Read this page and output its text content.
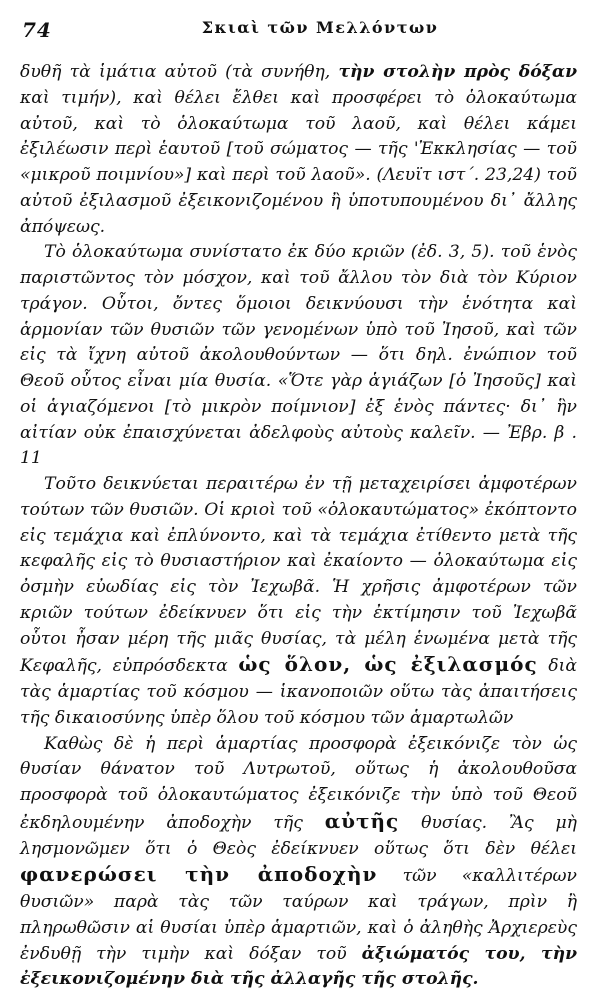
74	Σκιαὶ τῶν Μελλόντων

δυθῆ τὰ ἱμάτια αὐτοῦ (τὰ συνήθη, τὴν στολὴν πρὸς δόξαν καὶ τιμήν), καὶ θέλει ἔλθει καὶ προσφέρει τὸ ὁλοκαύτωμα αὐτοῦ, καὶ τὸ ὁλοκαύτωμα τοῦ λαοῦ, καὶ θέλει κάμει ἐξιλέωσιν περὶ ἑαυτοῦ [τοῦ σώματος — τῆς 'Ἐκκλησίας — τοῦ «μικροῦ ποιμνίου»] καὶ περὶ τοῦ λαοῦ». (Λευϊτ ιστ΄. 23,24) τοῦ αὐτοῦ ἐξιλασμοῦ ἐξεικονιζομένου ἢ ὑποτυπουμένου δι᾽ ἄλλης ἀπόψεως.

Τὸ ὁλοκαύτωμα συνίστατο ἐκ δύο κριῶν (ἐδ. 3, 5). τοῦ ἑνὸς παριστῶντος τὸν μόσχον, καὶ τοῦ ἄλλου τὸν διὰ τὸν Κύριον τράγον. Οὗτοι, ὄντες ὅμοιοι δεικνύουσι τὴν ἑνότητα καὶ ἁρμονίαν τῶν θυσιῶν τῶν γενομένων ὑπὸ τοῦ Ἰησοῦ, καὶ τῶν εἰς τὰ ἴχνη αὐτοῦ ἀκολουθούντων — ὅτι δηλ. ἐνώπιον τοῦ Θεοῦ οὗτος εἶναι μία θυσία. «Ὅτε γὰρ ἁγιάζων [ὁ Ἰησοῦς] καὶ οἱ ἁγιαζόμενοι [τὸ μικρὸν ποίμνιον] ἐξ ἑνὸς πάντες· δι᾽ ἣν αἰτίαν οὐκ ἐπαισχύνεται ἀδελφοὺς αὐτοὺς καλεῖν. — Ἐβρ. β . 11

Τοῦτο δεικνύεται περαιτέρω ἐν τῇ μεταχειρίσει ἀμφοτέρων τούτων τῶν θυσιῶν. Οἱ κριοὶ τοῦ «ὁλοκαυτώματος» ἐκόπτοντο εἰς τεμάχια καὶ ἐπλύνοντο, καὶ τὰ τεμάχια ἐτίθεντο μετὰ τῆς κεφαλῆς εἰς τὸ θυσιαστήριον καὶ ἐκαίοντο — ὁλοκαύτωμα εἰς ὀσμὴν εὐωδίας εἰς τὸν Ἰεχωβᾶ. Ἡ χρῆσις ἀμφοτέρων τῶν κριῶν τούτων ἐδείκνυεν ὅτι εἰς τὴν ἐκτίμησιν τοῦ Ἰεχωβᾶ οὗτοι ἦσαν μέρη τῆς μιᾶς θυσίας, τὰ μέλη ἑνωμένα μετὰ τῆς Κεφαλῆς, εὐπρόσδεκτα ὡς ὅλον, ὡς ἐξιλασμός διὰ τὰς ἁμαρτίας τοῦ κόσμου — ἱκανοποιῶν οὕτω τὰς ἀπαιτήσεις τῆς δικαιοσύνης ὑπὲρ ὅλου τοῦ κόσμου τῶν ἁμαρτωλῶν

Καθὼς δὲ ἡ περὶ ἁμαρτίας προσφορὰ ἐξεικόνιζε τὸν ὡς θυσίαν θάνατον τοῦ Λυτρωτοῦ, οὕτως ἡ ἀκολουθοῦσα προσφορὰ τοῦ ὁλοκαυτώματος ἐξεικόνιζε τὴν ὑπὸ τοῦ Θεοῦ ἐκδηλουμένην ἀποδοχὴν τῆς αὐτῆς θυσίας. Ἂς μὴ λησμονῶμεν ὅτι ὁ Θεὸς ἐδείκνυεν οὕτως ὅτι δὲν θέλει φανερώσει τὴν ἀποδοχὴν τῶν «καλλιτέρων θυσιῶν» παρὰ τὰς τῶν ταύρων καὶ τράγων, πρὶν ἢ πληρωθῶσιν αἱ θυσίαι ὑπὲρ ἁμαρτιῶν, καὶ ὁ ἀληθὴς Ἀρχιερεὺς ἐνδυθῇ τὴν τιμὴν καὶ δόξαν τοῦ ἀξιώματός του, τὴν ἐξεικονιζομένην διὰ τῆς ἀλλαγῆς τῆς στολῆς.
